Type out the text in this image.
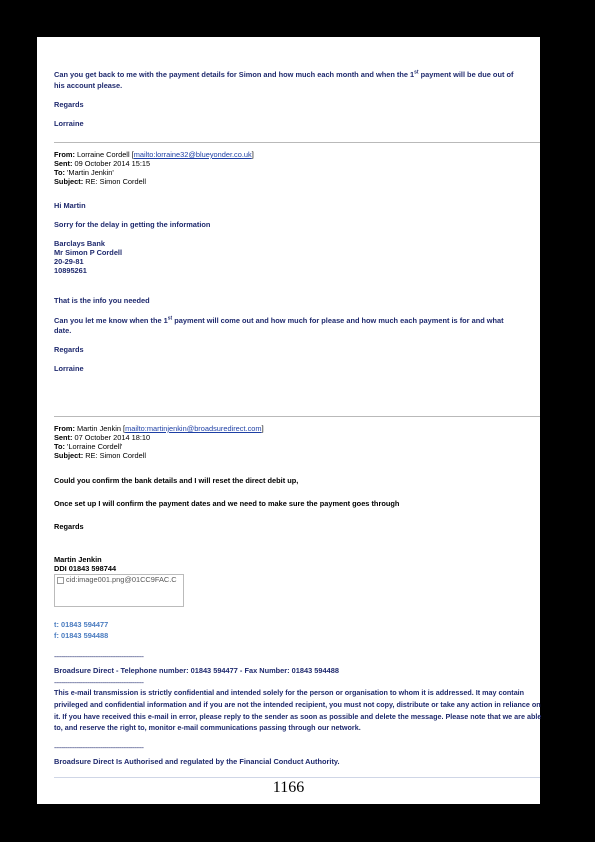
Can you get back to me with the payment details for Simon and how much each month and when the 1st payment will be due out of
his account please.
Regards
Lorraine
From: Lorraine Cordell [mailto:lorraine32@blueyonder.co.uk]
Sent: 09 October 2014 15:15
To: 'Martin Jenkin'
Subject: RE: Simon Cordell
Hi Martin
Sorry for the delay in getting the information
Barclays Bank
Mr Simon P Cordell
20-29-81
10895261
That is the info you needed
Can you let me know when the 1st payment will come out and how much for please and how much each payment is for and what
date.
Regards
Lorraine
From: Martin Jenkin [mailto:martinjenkin@broadsuredirect.com]
Sent: 07 October 2014 18:10
To: 'Lorraine Cordell'
Subject: RE: Simon Cordell
Could you confirm the bank details and I will reset the direct debit up,
Once set up I will confirm the payment dates and we need to make sure the payment goes through
Regards
Martin Jenkin
DDI 01843 598744
cid:image001.png@01CC9FAC.C
t: 01843 594477
f: 01843 594488
------------------------------------------------
Broadsure Direct - Telephone number: 01843 594477 - Fax Number: 01843 594488
------------------------------------------------
This e-mail transmission is strictly confidential and intended solely for the person or organisation to whom it is addressed. It may contain privileged and confidential information and if you are not the intended recipient, you must not copy, distribute or take any action in reliance on it. If you have received this e-mail in error, please reply to the sender as soon as possible and delete the message. Please note that we are able to, and reserve the right to, monitor e-mail communications passing through our network.
------------------------------------------------
Broadsure Direct Is Authorised and regulated by the Financial Conduct Authority.
1166
